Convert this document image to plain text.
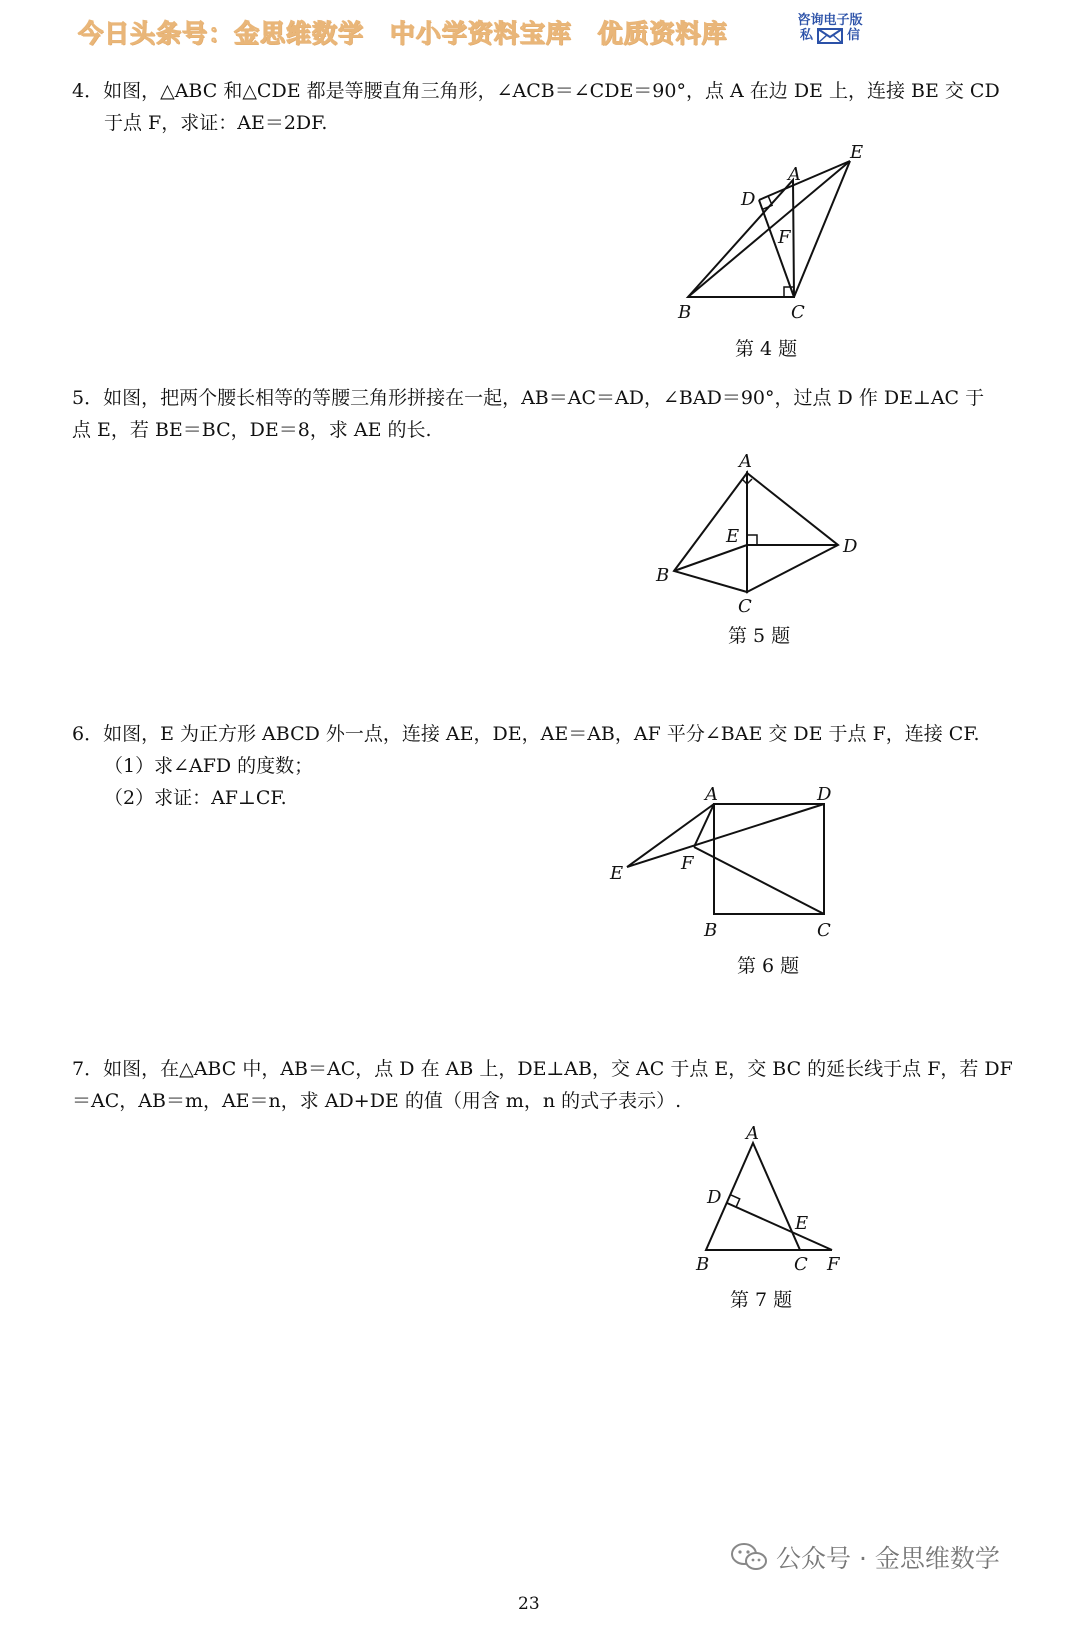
今日头条号：金思维数学 中小学资料宝库 优质资料库	咨询电子版
私	信
4．如图，△ABC 和△CDE 都是等腰直角三角形，∠ACB＝∠CDE＝90°，点 A 在边 DE 上，连接 BE 交 CD
于点 F，求证：AE＝2DF.
A
B	C
D
E
F
第 4 题
5．如图，把两个腰长相等的等腰三角形拼接在一起，AB＝AC＝AD，∠BAD＝90°，过点 D 作 DE⊥AC 于
点 E，若 BE＝BC，DE＝8，求 AE 的长.
A
B
C
D
E
第 5 题
6．如图，E 为正方形 ABCD 外一点，连接 AE，DE，AE＝AB，AF 平分∠BAE 交 DE 于点 F，连接 CF.
（1）求∠AFD 的度数；
（2）求证：AF⊥CF.	A
B	C
D
E	F
第 6 题
7．如图，在△ABC 中，AB＝AC，点 D 在 AB 上，DE⊥AB，交 AC 于点 E，交 BC 的延长线于点 F，若 DF
＝AC，AB＝m，AE＝n，求 AD+DE 的值（用含 m，n 的式子表示）.
A
B	C
D
E
F
第 7 题
公众号 · 金思维数学
23
